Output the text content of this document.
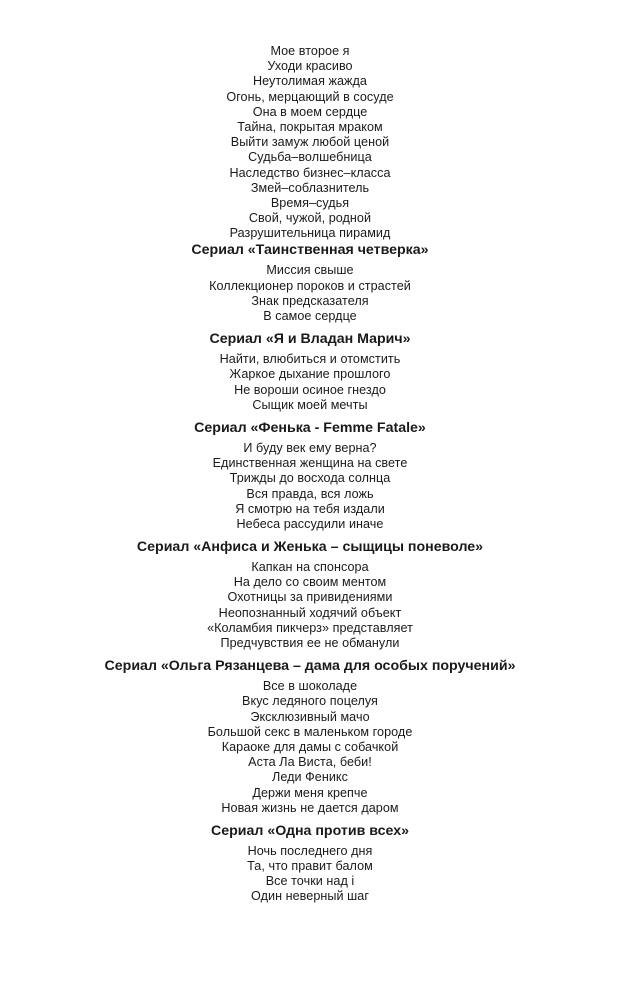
Мое второе я
Уходи красиво
Неутолимая жажда
Огонь, мерцающий в сосуде
Она в моем сердце
Тайна, покрытая мраком
Выйти замуж любой ценой
Судьба–волшебница
Наследство бизнес–класса
Змей–соблазнитель
Время–судья
Свой, чужой, родной
Разрушительница пирамид
Сериал «Таинственная четверка»
Миссия свыше
Коллекционер пороков и страстей
Знак предсказателя
В самое сердце
Сериал «Я и Владан Марич»
Найти, влюбиться и отомстить
Жаркое дыхание прошлого
Не вороши осиное гнездо
Сыщик моей мечты
Сериал «Фенька - Femme Fatale»
И буду век ему верна?
Единственная женщина на свете
Трижды до восхода солнца
Вся правда, вся ложь
Я смотрю на тебя издали
Небеса рассудили иначе
Сериал «Анфиса и Женька – сыщицы поневоле»
Капкан на спонсора
На дело со своим ментом
Охотницы за привидениями
Неопознанный ходячий объект
«Коламбия пикчерз» представляет
Предчувствия ее не обманули
Сериал «Ольга Рязанцева – дама для особых поручений»
Все в шоколаде
Вкус ледяного поцелуя
Эксклюзивный мачо
Большой секс в маленьком городе
Караоке для дамы с собачкой
Аста Ла Виста, беби!
Леди Феникс
Держи меня крепче
Новая жизнь не дается даром
Сериал «Одна против всех»
Ночь последнего дня
Та, что правит балом
Все точки над i
Один неверный шаг
